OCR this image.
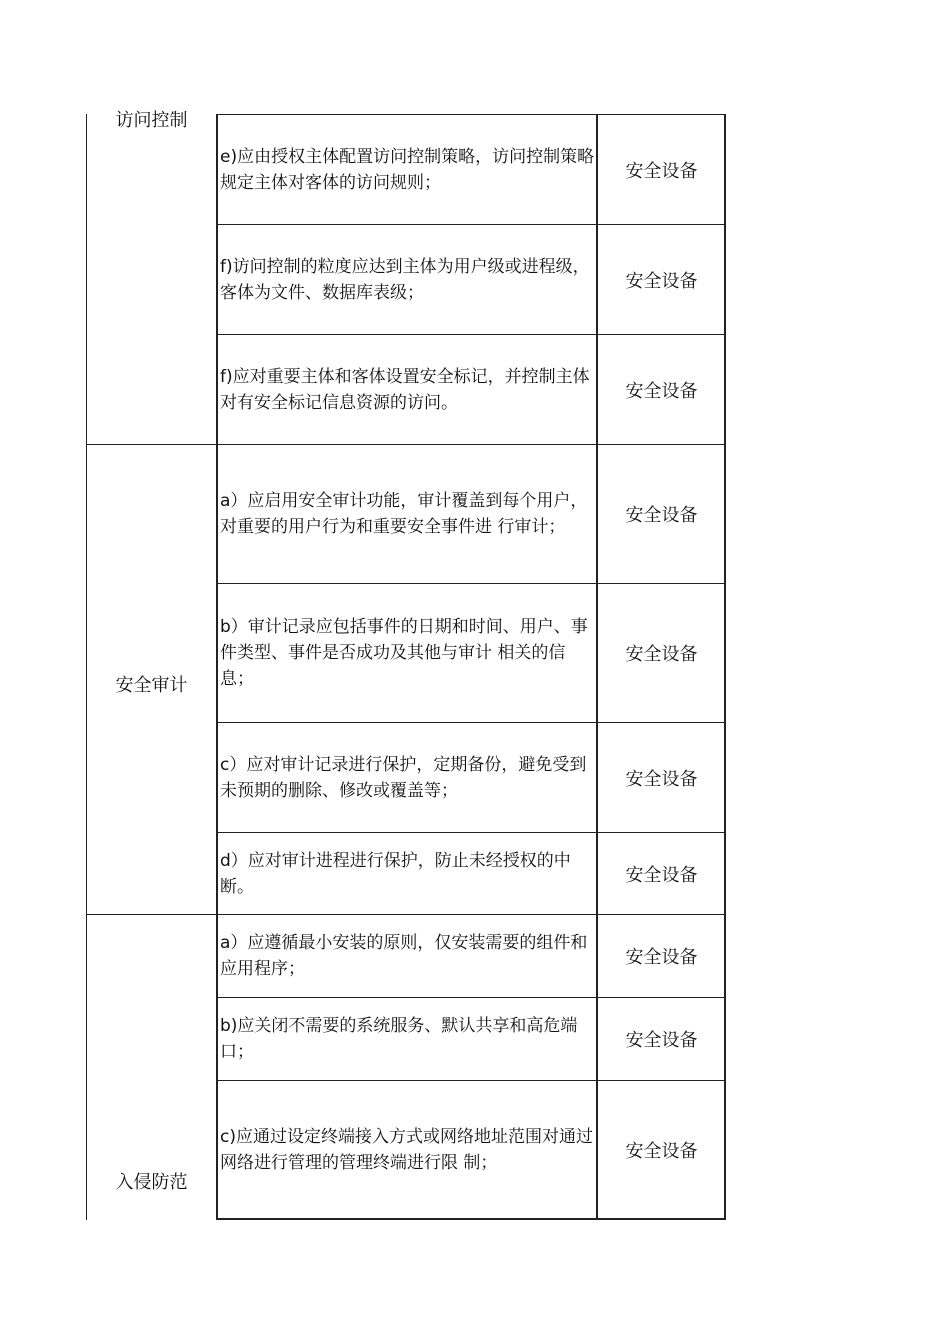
访问控制
安全审计
入侵防范
e)应由授权主体配置访问控制策略，访问控制策略规定主体对客体的访问规则；
安全设备
f)访问控制的粒度应达到主体为用户级或进程级，客体为文件、数据库表级；
安全设备
f)应对重要主体和客体设置安全标记，并控制主体对有安全标记信息资源的访问。
安全设备
a）应启用安全审计功能，审计覆盖到每个用户，对重要的用户行为和重要安全事件进 行审计；
安全设备
b）审计记录应包括事件的日期和时间、用户、事件类型、事件是否成功及其他与审计 相关的信息；
安全设备
c）应对审计记录进行保护，定期备份，避免受到未预期的删除、修改或覆盖等；
安全设备
d）应对审计进程进行保护，防止未经授权的中断。
安全设备
a）应遵循最小安装的原则，仅安装需要的组件和应用程序；
安全设备
b)应关闭不需要的系统服务、默认共享和高危端口；
安全设备
c)应通过设定终端接入方式或网络地址范围对通过网络进行管理的管理终端进行限 制；
安全设备
